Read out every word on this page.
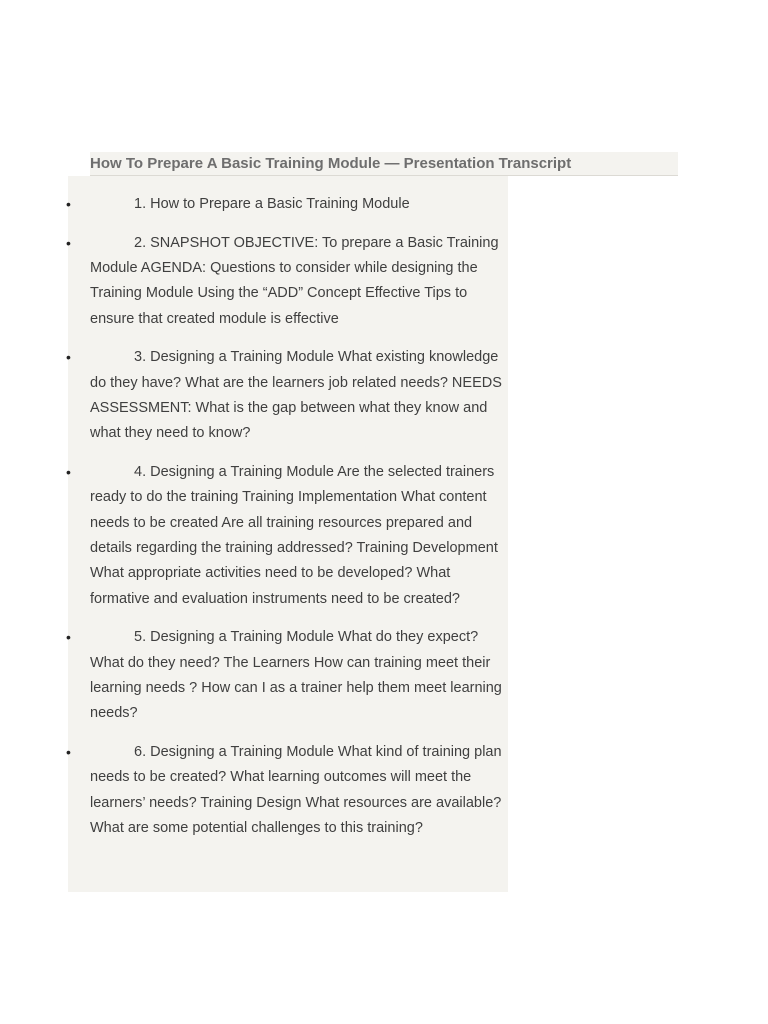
How To Prepare A Basic Training Module — Presentation Transcript
•	1. How to Prepare a Basic Training Module
•	2. SNAPSHOT OBJECTIVE: To prepare a Basic Training Module AGENDA: Questions to consider while designing the Training Module Using the “ADD” Concept Effective Tips to ensure that created module is effective
•	3. Designing a Training Module What existing knowledge do they have? What are the learners job related needs? NEEDS ASSESSMENT: What is the gap between what they know and what they need to know?
•	4. Designing a Training Module Are the selected trainers ready to do the training Training Implementation What content needs to be created Are all training resources prepared and details regarding the training addressed? Training Development What appropriate activities need to be developed? What formative and evaluation instruments need to be created?
•	5. Designing a Training Module What do they expect? What do they need? The Learners How can training meet their learning needs ? How can I as a trainer help them meet learning needs?
•	6. Designing a Training Module What kind of training plan needs to be created? What learning outcomes will meet the learners’ needs? Training Design What resources are available? What are some potential challenges to this training?
